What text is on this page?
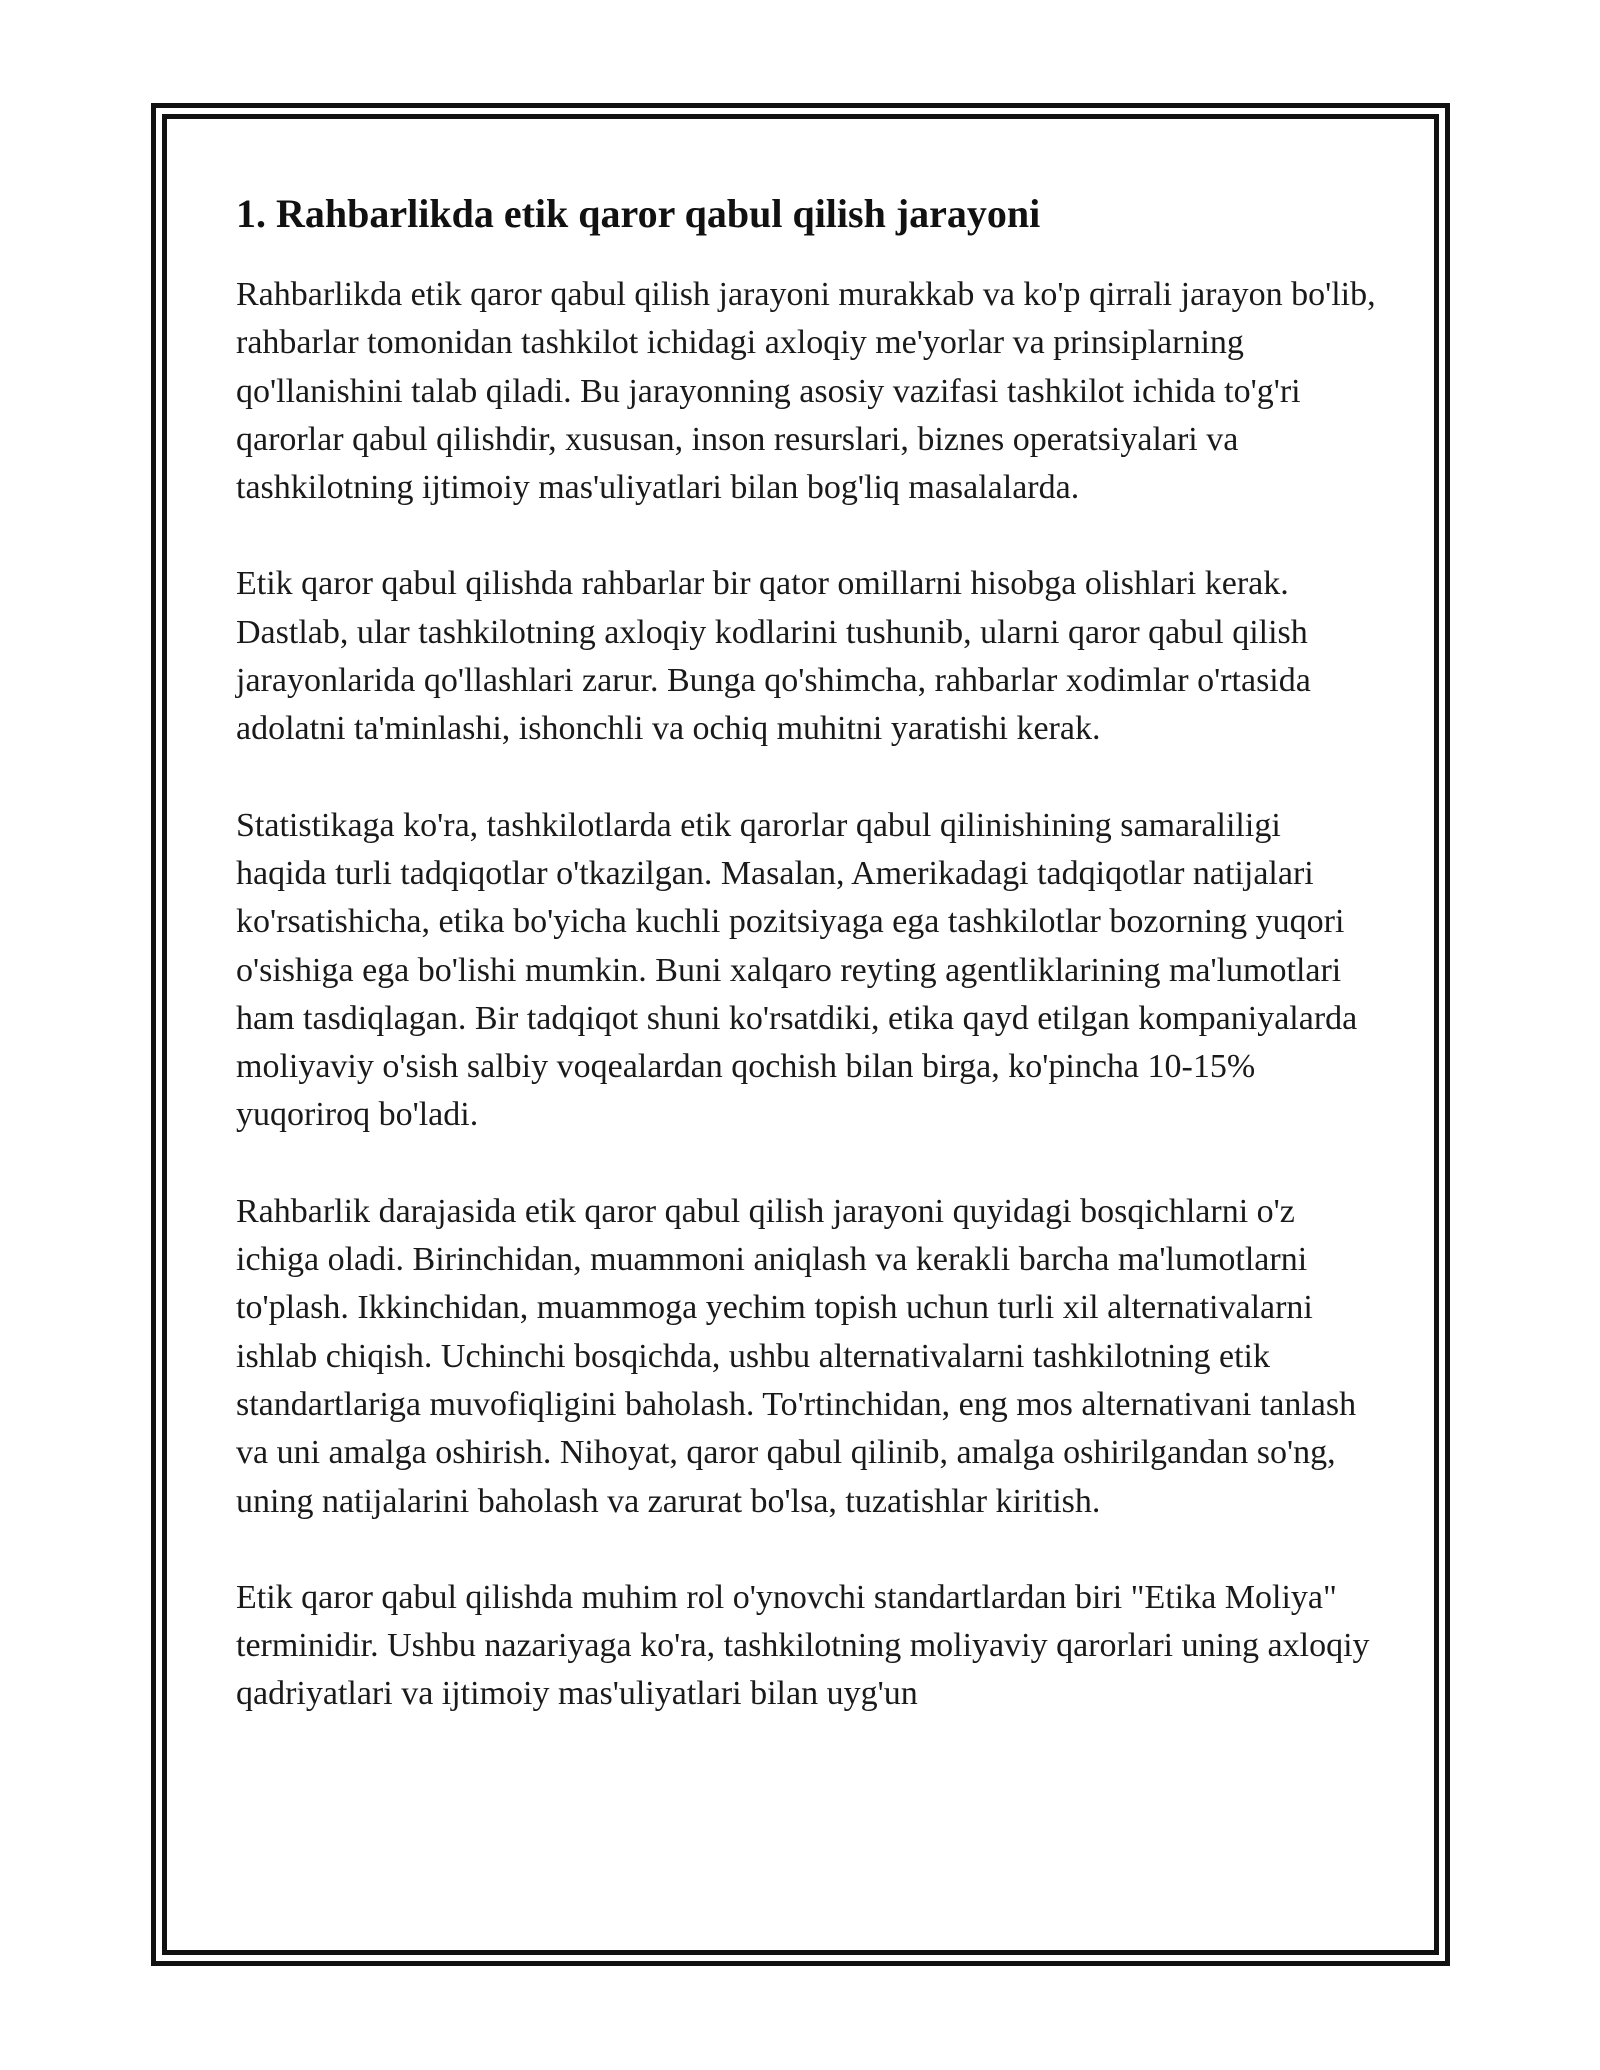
1. Rahbarlikda etik qaror qabul qilish jarayoni

Rahbarlikda etik qaror qabul qilish jarayoni murakkab va ko'p qirrali jarayon bo'lib, rahbarlar tomonidan tashkilot ichidagi axloqiy me'yorlar va prinsiplarning qo'llanishini talab qiladi. Bu jarayonning asosiy vazifasi tashkilot ichida to'g'ri qarorlar qabul qilishdir, xususan, inson resurslari, biznes operatsiyalari va tashkilotning ijtimoiy mas'uliyatlari bilan bog'liq masalalarda.

Etik qaror qabul qilishda rahbarlar bir qator omillarni hisobga olishlari kerak. Dastlab, ular tashkilotning axloqiy kodlarini tushunib, ularni qaror qabul qilish jarayonlarida qo'llashlari zarur. Bunga qo'shimcha, rahbarlar xodimlar o'rtasida adolatni ta'minlashi, ishonchli va ochiq muhitni yaratishi kerak.

Statistikaga ko'ra, tashkilotlarda etik qarorlar qabul qilinishining samaraliligi haqida turli tadqiqotlar o'tkazilgan. Masalan, Amerikadagi tadqiqotlar natijalari ko'rsatishicha, etika bo'yicha kuchli pozitsiyaga ega tashkilotlar bozorning yuqori o'sishiga ega bo'lishi mumkin. Buni xalqaro reyting agentliklarining ma'lumotlari ham tasdiqlagan. Bir tadqiqot shuni ko'rsatdiki, etika qayd etilgan kompaniyalarda moliyaviy o'sish salbiy voqealardan qochish bilan birga, ko'pincha 10-15% yuqoriroq bo'ladi.

Rahbarlik darajasida etik qaror qabul qilish jarayoni quyidagi bosqichlarni o'z ichiga oladi. Birinchidan, muammoni aniqlash va kerakli barcha ma'lumotlarni to'plash. Ikkinchidan, muammoga yechim topish uchun turli xil alternativalarni ishlab chiqish. Uchinchi bosqichda, ushbu alternativalarni tashkilotning etik standartlariga muvofiqligini baholash. To'rtinchidan, eng mos alternativani tanlash va uni amalga oshirish. Nihoyat, qaror qabul qilinib, amalga oshirilgandan so'ng, uning natijalarini baholash va zarurat bo'lsa, tuzatishlar kiritish.

Etik qaror qabul qilishda muhim rol o'ynovchi standartlardan biri "Etika Moliya" terminidir. Ushbu nazariyaga ko'ra, tashkilotning moliyaviy qarorlari uning axloqiy qadriyatlari va ijtimoiy mas'uliyatlari bilan uyg'un
